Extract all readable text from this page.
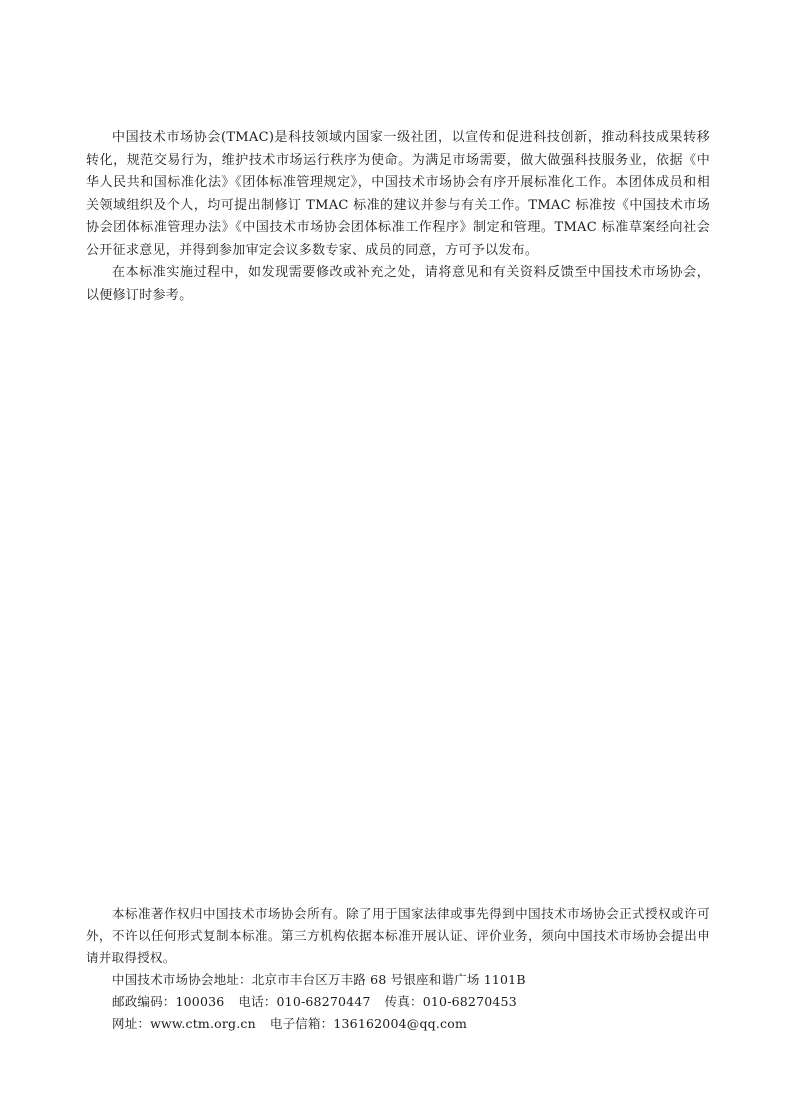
中国技术市场协会(TMAC)是科技领域内国家一级社团，以宣传和促进科技创新，推动科技成果转移转化，规范交易行为，维护技术市场运行秩序为使命。为满足市场需要，做大做强科技服务业，依据《中华人民共和国标准化法》《团体标准管理规定》，中国技术市场协会有序开展标准化工作。本团体成员和相关领域组织及个人，均可提出制修订 TMAC 标准的建议并参与有关工作。TMAC 标准按《中国技术市场协会团体标准管理办法》《中国技术市场协会团体标准工作程序》制定和管理。TMAC 标准草案经向社会公开征求意见，并得到参加审定会议多数专家、成员的同意，方可予以发布。

在本标准实施过程中，如发现需要修改或补充之处，请将意见和有关资料反馈至中国技术市场协会，以便修订时参考。

本标准著作权归中国技术市场协会所有。除了用于国家法律或事先得到中国技术市场协会正式授权或许可外，不许以任何形式复制本标准。第三方机构依据本标准开展认证、评价业务，须向中国技术市场协会提出申请并取得授权。

中国技术市场协会地址：北京市丰台区万丰路 68 号银座和谐广场 1101B

邮政编码：100036 电话：010-68270447 传真：010-68270453

网址：www.ctm.org.cn 电子信箱：136162004@qq.com
